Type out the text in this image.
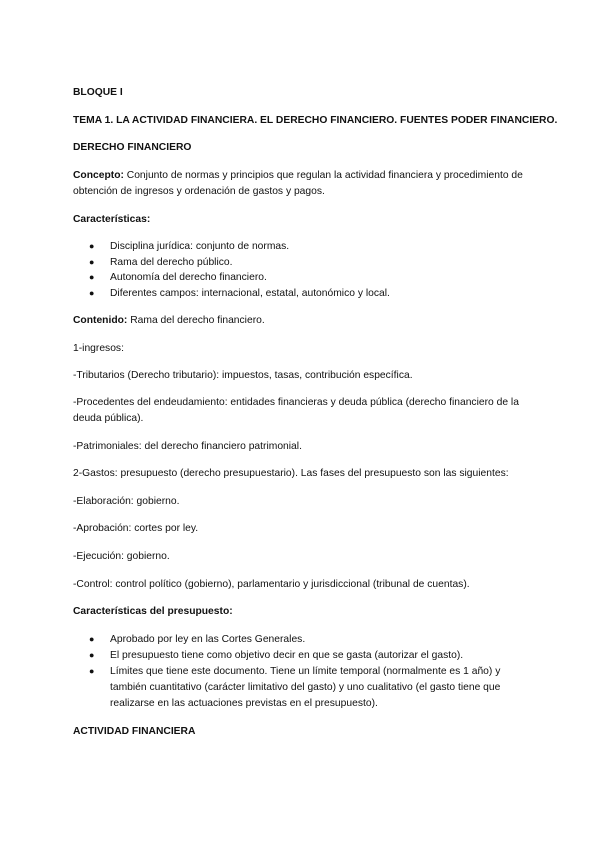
BLOQUE I
TEMA 1. LA ACTIVIDAD FINANCIERA. EL DERECHO FINANCIERO. FUENTES PODER FINANCIERO.
DERECHO FINANCIERO
Concepto: Conjunto de normas y principios que regulan la actividad financiera y procedimiento de
obtención de ingresos y ordenación de gastos y pagos.
Características:
● Disciplina jurídica: conjunto de normas.
● Rama del derecho público.
● Autonomía del derecho financiero.
● Diferentes campos: internacional, estatal, autonómico y local.
Contenido: Rama del derecho financiero.
1-ingresos:
-Tributarios (Derecho tributario): impuestos, tasas, contribución específica.
-Procedentes del endeudamiento: entidades financieras y deuda pública (derecho financiero de la
deuda pública).
-Patrimoniales: del derecho financiero patrimonial.
2-Gastos: presupuesto (derecho presupuestario). Las fases del presupuesto son las siguientes:
-Elaboración: gobierno.
-Aprobación: cortes por ley.
-Ejecución: gobierno.
-Control: control político (gobierno), parlamentario y jurisdiccional (tribunal de cuentas).
Características del presupuesto:
● Aprobado por ley en las Cortes Generales.
● El presupuesto tiene como objetivo decir en que se gasta (autorizar el gasto).
● Límites que tiene este documento. Tiene un límite temporal (normalmente es 1 año) y
también cuantitativo (carácter limitativo del gasto) y uno cualitativo (el gasto tiene que
realizarse en las actuaciones previstas en el presupuesto).
ACTIVIDAD FINANCIERA
